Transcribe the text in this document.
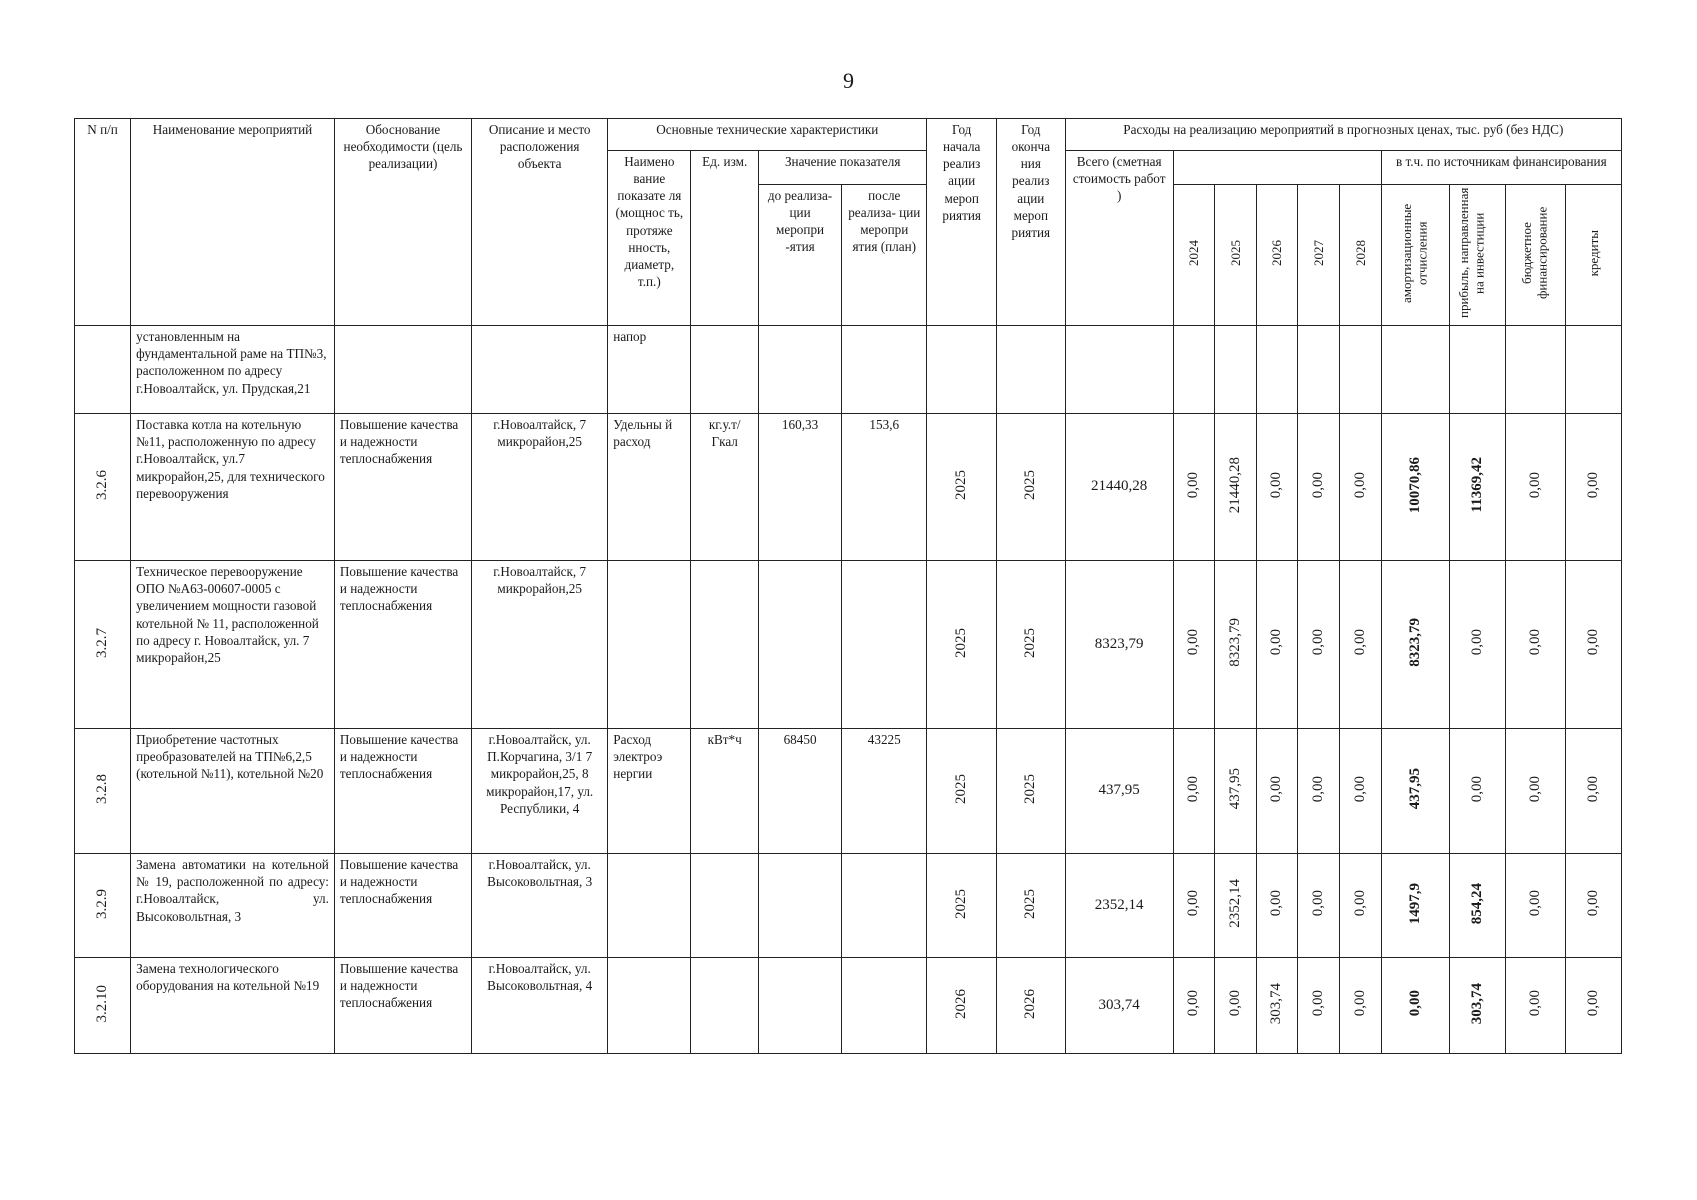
9
N п/п	Наименование мероприятий	Обоснование необходимости (цель реализации)	Описание и место расположения объекта	Основные технические характеристики				Год начала реализ ации мероп риятия	Год оконча ния реализ ации мероп риятия	Расходы на реализацию мероприятий в прогнозных ценах, тыс. руб (без НДС)									
				Наимено вание показате ля (мощнос ть, протяже нность, диаметр, т.п.)	Ед. изм.	Значение показателя				Всего (сметная стоимость работ )						в т.ч. по источникам финансирования			
						до реализа- ции меропри -ятия	после реализа- ции меропри ятия (план)				2024	2025	2026	2027	2028	амортизационные отчисления	прибыль, направленная на инвестиции	бюджетное финансирование	кредиты
	установленным на фундаментальной раме на ТП№3, расположенном по адресу г.Новоалтайск, ул. Прудская,21			напор															
3.2.6	Поставка котла на котельную №11, расположенную по адресу г.Новоалтайск, ул.7 микрорайон,25, для технического перевооружения	Повышение качества и надежности теплоснабжения	г.Новоалтайск, 7 микрорайон,25	Удельны й расход	кг.у.т/ Гкал	160,33	153,6	2025	2025	21440,28	0,00	21440,28	0,00	0,00	0,00	10070,86	11369,42	0,00	0,00
3.2.7	Техническое перевооружение ОПО №А63-00607-0005 с увеличением мощности газовой котельной № 11, расположенной по адресу г. Новоалтайск, ул. 7 микрорайон,25	Повышение качества и надежности теплоснабжения	г.Новоалтайск, 7 микрорайон,25					2025	2025	8323,79	0,00	8323,79	0,00	0,00	0,00	8323,79	0,00	0,00	0,00
3.2.8	Приобретение частотных преобразователей на ТП№6,2,5 (котельной №11), котельной №20	Повышение качества и надежности теплоснабжения	г.Новоалтайск, ул. П.Корчагина, 3/1 7 микрорайон,25, 8 микрорайон,17, ул. Республики, 4	Расход электроэ нергии	кВт*ч	68450	43225	2025	2025	437,95	0,00	437,95	0,00	0,00	0,00	437,95	0,00	0,00	0,00
3.2.9	Замена автоматики на котельной № 19, расположенной по адресу: г.Новоалтайск, ул. Высоковольтная, 3	Повышение качества и надежности теплоснабжения	г.Новоалтайск, ул. Высоковольтная, 3					2025	2025	2352,14	0,00	2352,14	0,00	0,00	0,00	1497,9	854,24	0,00	0,00
3.2.10	Замена технологического оборудования на котельной №19	Повышение качества и надежности теплоснабжения	г.Новоалтайск, ул. Высоковольтная, 4					2026	2026	303,74	0,00	0,00	303,74	0,00	0,00	0,00	303,74	0,00	0,00
